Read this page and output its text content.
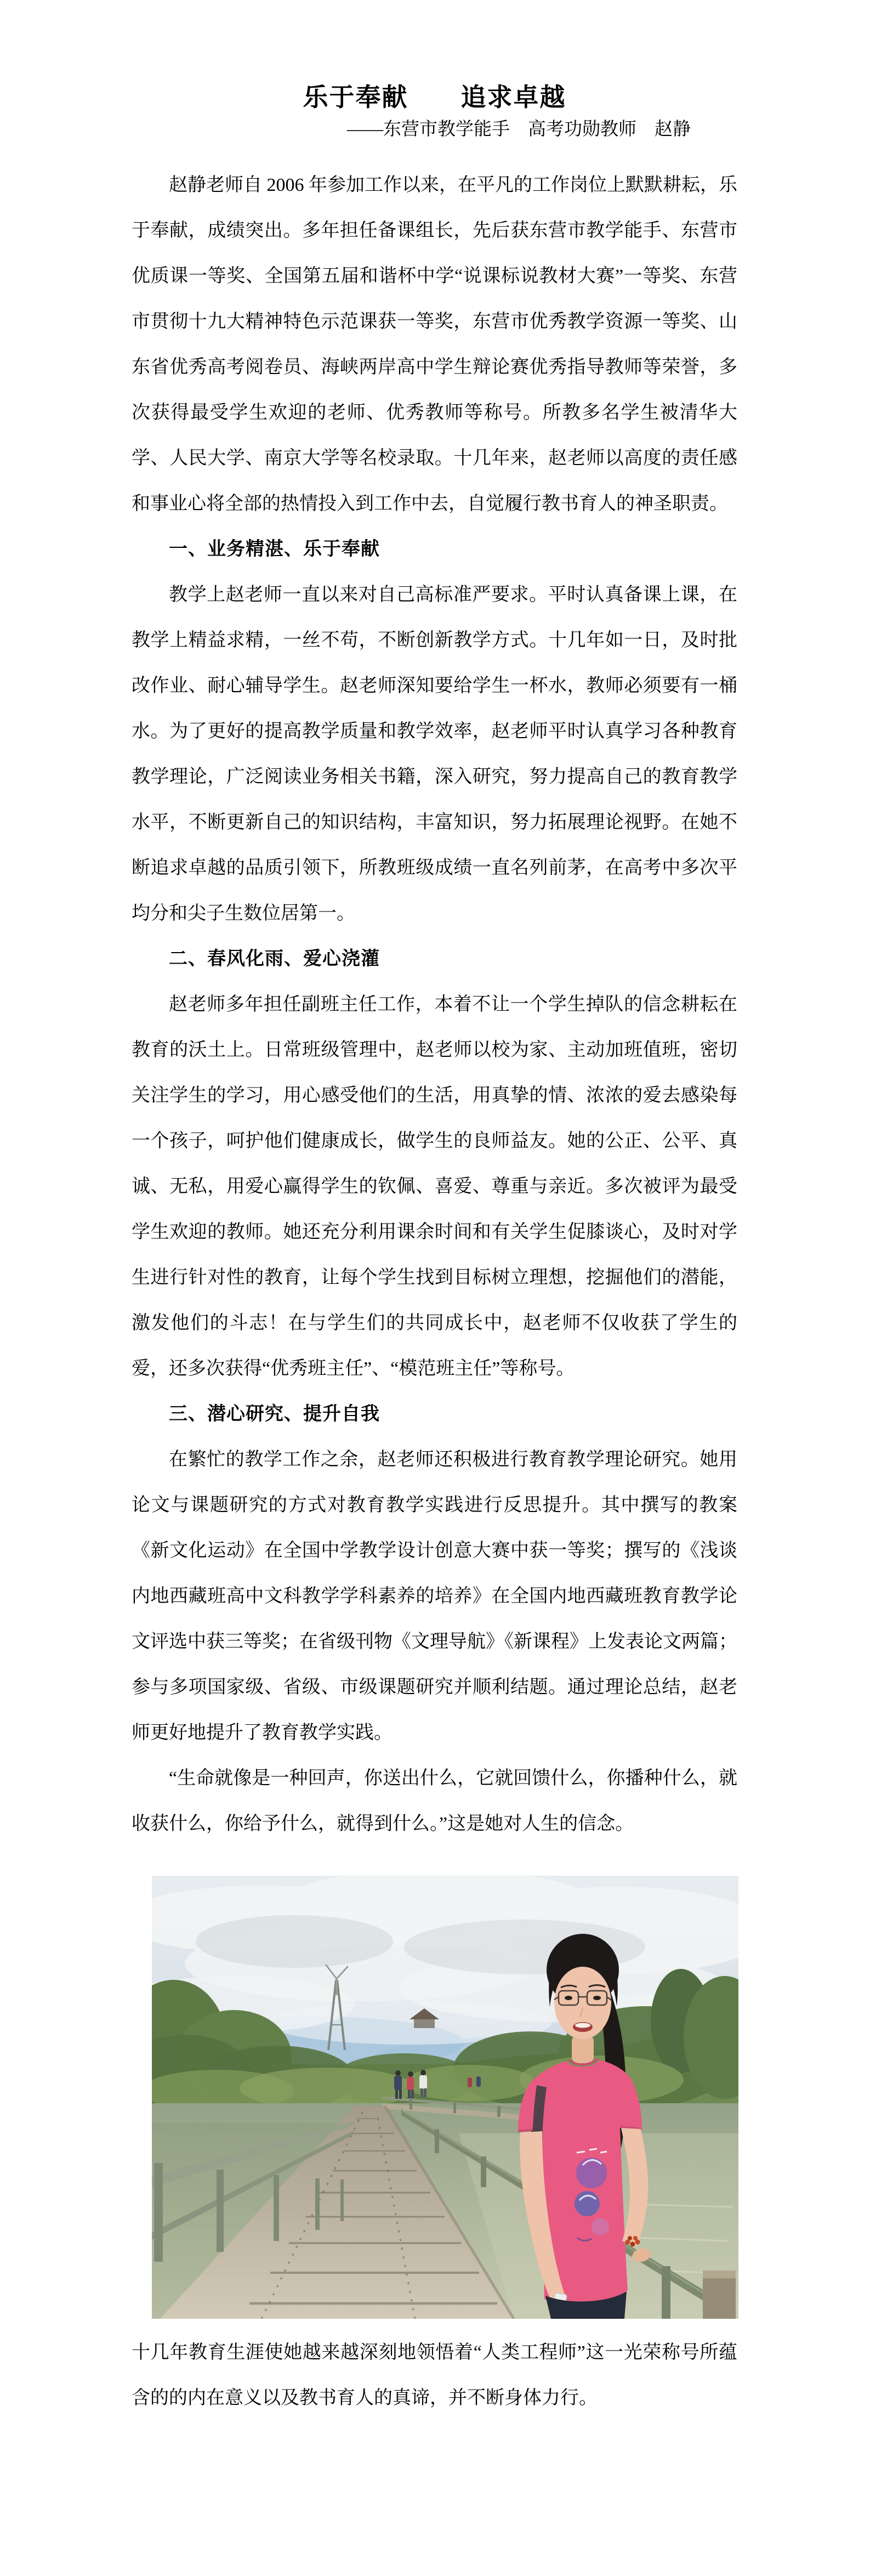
乐于奉献　　追求卓越
——东营市教学能手　高考功勋教师　赵静

赵静老师自 2006 年参加工作以来，在平凡的工作岗位上默默耕耘，乐于奉献，成绩突出。多年担任备课组长，先后获东营市教学能手、东营市优质课一等奖、全国第五届和谐杯中学“说课标说教材大赛”一等奖、东营市贯彻十九大精神特色示范课获一等奖，东营市优秀教学资源一等奖、山东省优秀高考阅卷员、海峡两岸高中学生辩论赛优秀指导教师等荣誉，多次获得最受学生欢迎的老师、优秀教师等称号。所教多名学生被清华大学、人民大学、南京大学等名校录取。十几年来，赵老师以高度的责任感和事业心将全部的热情投入到工作中去，自觉履行教书育人的神圣职责。

一、业务精湛、乐于奉献

教学上赵老师一直以来对自己高标准严要求。平时认真备课上课，在教学上精益求精，一丝不苟，不断创新教学方式。十几年如一日，及时批改作业、耐心辅导学生。赵老师深知要给学生一杯水，教师必须要有一桶水。为了更好的提高教学质量和教学效率，赵老师平时认真学习各种教育教学理论，广泛阅读业务相关书籍，深入研究，努力提高自己的教育教学水平，不断更新自己的知识结构，丰富知识，努力拓展理论视野。在她不断追求卓越的品质引领下，所教班级成绩一直名列前茅，在高考中多次平均分和尖子生数位居第一。

二、春风化雨、爱心浇灌

赵老师多年担任副班主任工作，本着不让一个学生掉队的信念耕耘在教育的沃土上。日常班级管理中，赵老师以校为家、主动加班值班，密切关注学生的学习，用心感受他们的生活，用真挚的情、浓浓的爱去感染每一个孩子，呵护他们健康成长，做学生的良师益友。她的公正、公平、真诚、无私，用爱心赢得学生的钦佩、喜爱、尊重与亲近。多次被评为最受学生欢迎的教师。她还充分利用课余时间和有关学生促膝谈心，及时对学生进行针对性的教育，让每个学生找到目标树立理想，挖掘他们的潜能，激发他们的斗志！在与学生们的共同成长中，赵老师不仅收获了学生的爱，还多次获得“优秀班主任”、“模范班主任”等称号。

三、潜心研究、提升自我

在繁忙的教学工作之余，赵老师还积极进行教育教学理论研究。她用论文与课题研究的方式对教育教学实践进行反思提升。其中撰写的教案《新文化运动》在全国中学教学设计创意大赛中获一等奖；撰写的《浅谈内地西藏班高中文科教学学科素养的培养》在全国内地西藏班教育教学论文评选中获三等奖；在省级刊物《文理导航》《新课程》上发表论文两篇；参与多项国家级、省级、市级课题研究并顺利结题。通过理论总结，赵老师更好地提升了教育教学实践。

“生命就像是一种回声，你送出什么，它就回馈什么，你播种什么，就收获什么，你给予什么，就得到什么。”这是她对人生的信念。

十几年教育生涯使她越来越深刻地领悟着“人类工程师”这一光荣称号所蕴含的的内在意义以及教书育人的真谛，并不断身体力行。
